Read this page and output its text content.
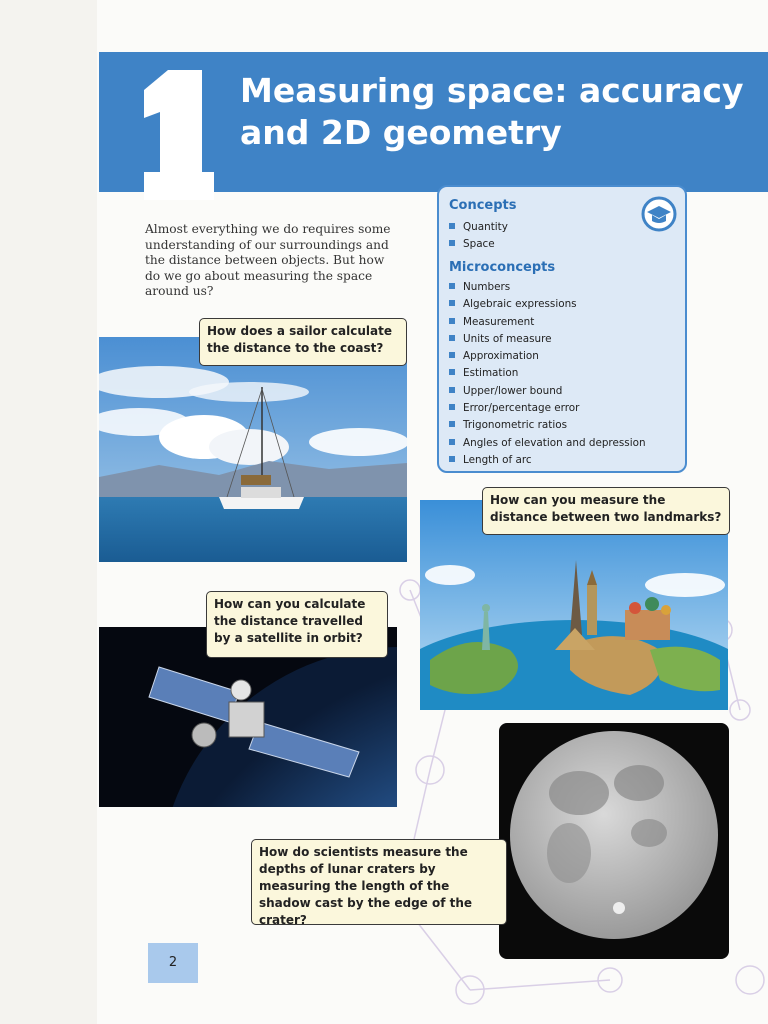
1
Measuring space: accuracy
and 2D geometry
Almost everything we do requires some understanding of our surroundings and the distance between objects. But how do we go about measuring the space around us?
Concepts
Quantity
Space
Microconcepts
Numbers
Algebraic expressions
Measurement
Units of measure
Approximation
Estimation
Upper/lower bound
Error/percentage error
Trigonometric ratios
Angles of elevation and depression
Length of arc
How does a sailor calculate the distance to the coast?
How can you measure the distance between two landmarks?
How can you calculate the distance travelled by a satellite in orbit?
How do scientists measure the depths of lunar craters by measuring the length of the shadow cast by the edge of the crater?
2
